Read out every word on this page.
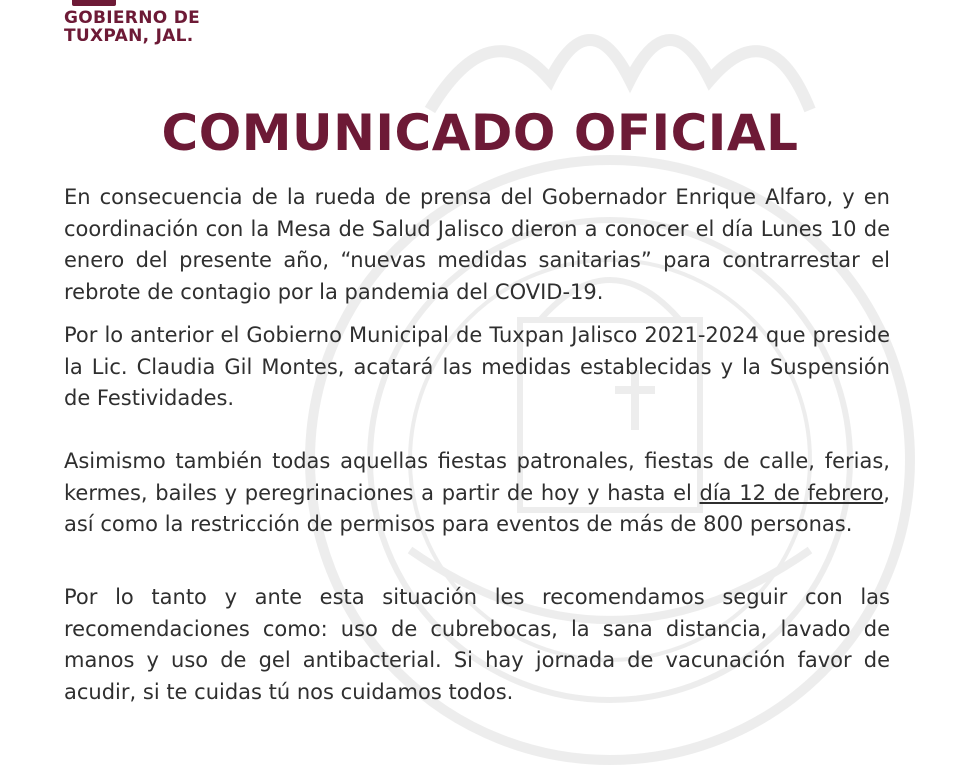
GOBIERNO DE
TUXPAN, JAL.
COMUNICADO OFICIAL

En consecuencia de la rueda de prensa del Gobernador Enrique Alfaro, y en coordinación con la Mesa de Salud Jalisco dieron a conocer el día Lunes 10 de enero del presente año, “nuevas medidas sanitarias” para contrarrestar el rebrote de contagio por la pandemia del COVID-19.

Por lo anterior el Gobierno Municipal de Tuxpan Jalisco 2021-2024 que preside la Lic. Claudia Gil Montes, acatará las medidas establecidas y la Suspensión de Festividades.

Asimismo también todas aquellas fiestas patronales, fiestas de calle, ferias, kermes, bailes y peregrinaciones a partir de hoy y hasta el día 12 de febrero, así como la restricción de permisos para eventos de más de 800 personas.

Por lo tanto y ante esta situación les recomendamos seguir con las recomendaciones como: uso de cubrebocas, la sana distancia, lavado de manos y uso de gel antibacterial. Si hay jornada de vacunación favor de acudir, si te cuidas tú nos cuidamos todos.
